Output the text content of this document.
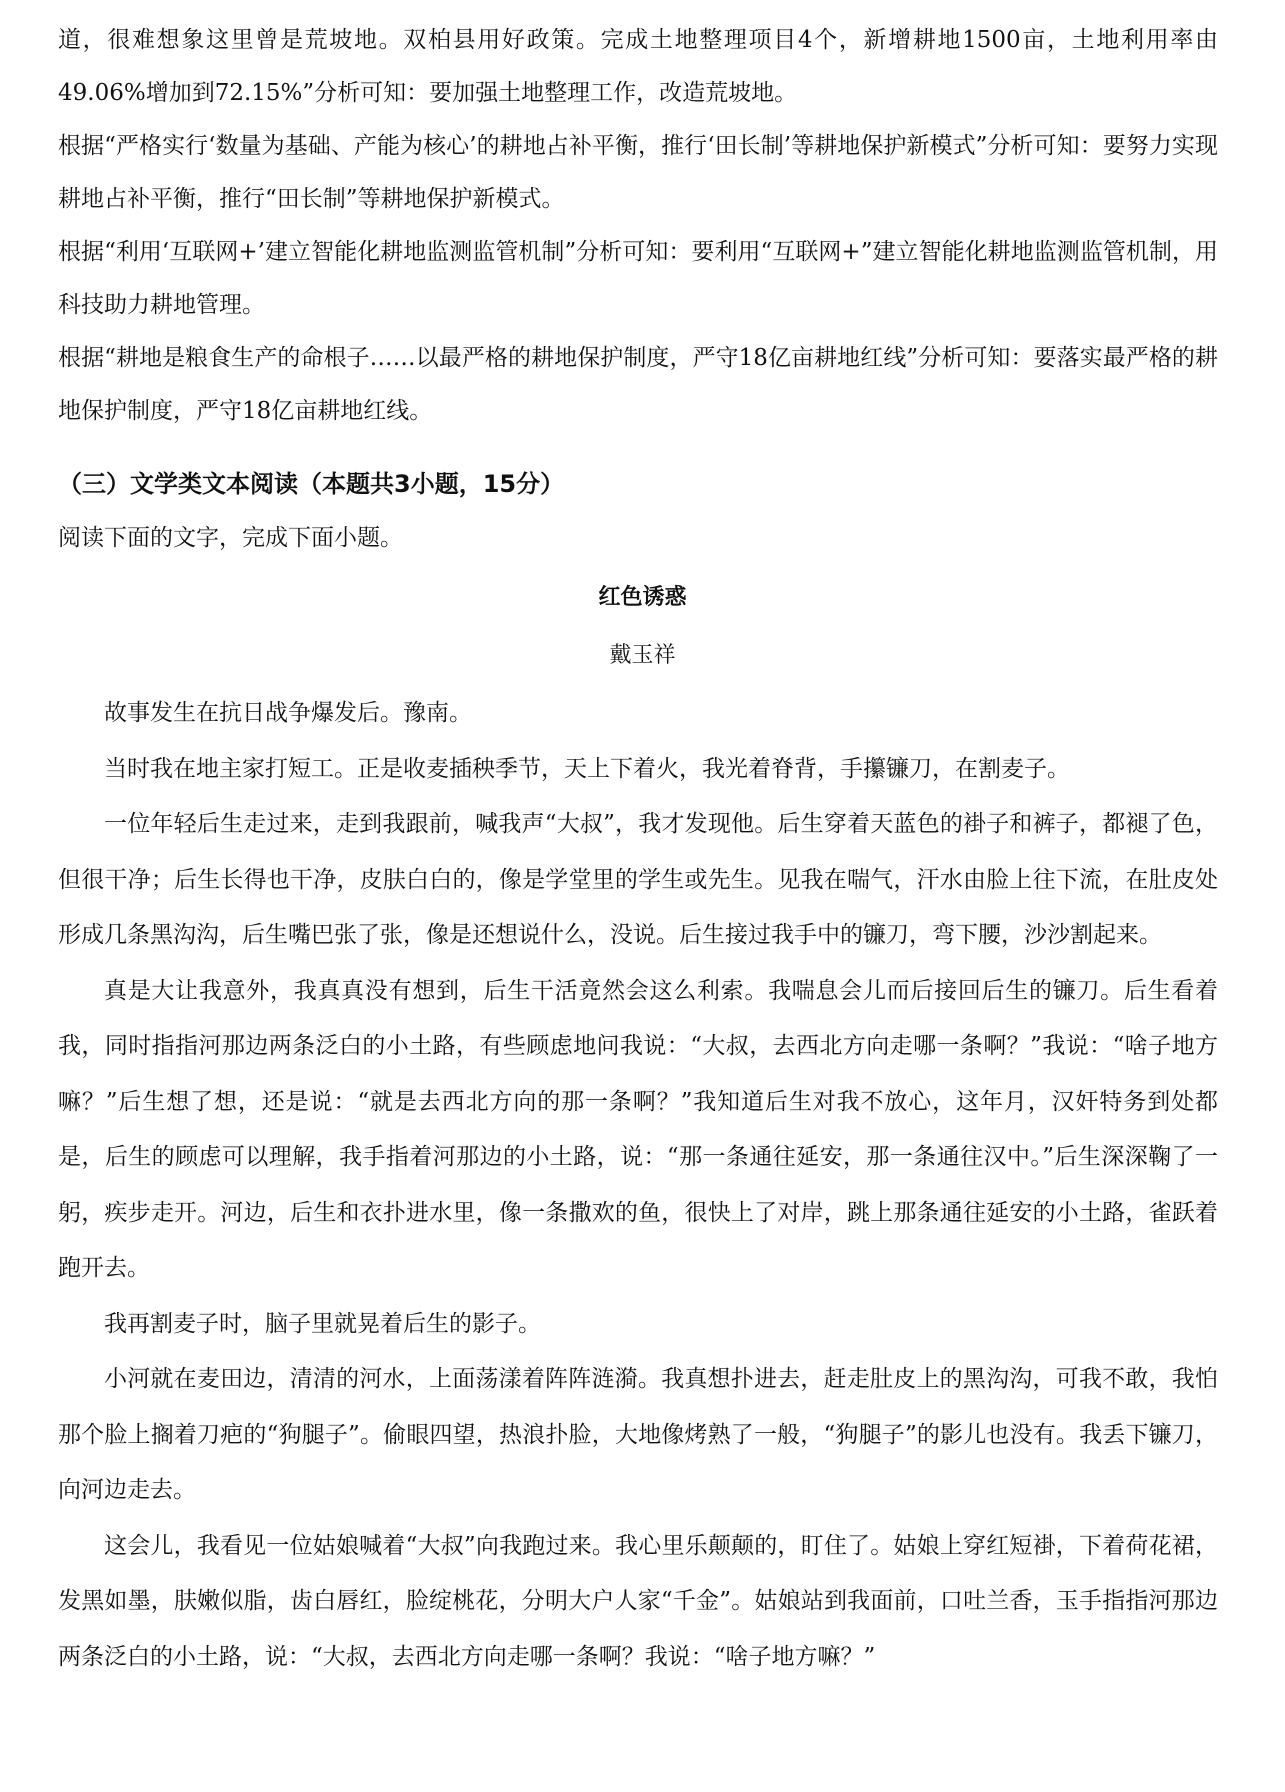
道，很难想象这里曾是荒坡地。双柏县用好政策。完成土地整理项目4个，新增耕地1500亩，土地利用率由49.06%增加到72.15%”分析可知：要加强土地整理工作，改造荒坡地。

根据“严格实行‘数量为基础、产能为核心’的耕地占补平衡，推行‘田长制’等耕地保护新模式”分析可知：要努力实现耕地占补平衡，推行“田长制”等耕地保护新模式。

根据“利用‘互联网+’建立智能化耕地监测监管机制”分析可知：要利用“互联网+”建立智能化耕地监测监管机制，用科技助力耕地管理。

根据“耕地是粮食生产的命根子……以最严格的耕地保护制度，严守18亿亩耕地红线”分析可知：要落实最严格的耕地保护制度，严守18亿亩耕地红线。

（三）文学类文本阅读（本题共3小题，15分）

阅读下面的文字，完成下面小题。

红色诱惑

戴玉祥

故事发生在抗日战争爆发后。豫南。

当时我在地主家打短工。正是收麦插秧季节，天上下着火，我光着脊背，手攥镰刀，在割麦子。

一位年轻后生走过来，走到我跟前，喊我声“大叔”，我才发现他。后生穿着天蓝色的褂子和裤子，都褪了色，但很干净；后生长得也干净，皮肤白白的，像是学堂里的学生或先生。见我在喘气，汗水由脸上往下流，在肚皮处形成几条黑沟沟，后生嘴巴张了张，像是还想说什么，没说。后生接过我手中的镰刀，弯下腰，沙沙割起来。

真是大让我意外，我真真没有想到，后生干活竟然会这么利索。我喘息会儿而后接回后生的镰刀。后生看着我，同时指指河那边两条泛白的小土路，有些顾虑地问我说：“大叔，去西北方向走哪一条啊？”我说：“啥子地方嘛？”后生想了想，还是说：“就是去西北方向的那一条啊？”我知道后生对我不放心，这年月，汉奸特务到处都是，后生的顾虑可以理解，我手指着河那边的小土路，说：“那一条通往延安，那一条通往汉中。”后生深深鞠了一躬，疾步走开。河边，后生和衣扑进水里，像一条撒欢的鱼，很快上了对岸，跳上那条通往延安的小土路，雀跃着跑开去。

我再割麦子时，脑子里就晃着后生的影子。

小河就在麦田边，清清的河水，上面荡漾着阵阵涟漪。我真想扑进去，赶走肚皮上的黑沟沟，可我不敢，我怕那个脸上搁着刀疤的“狗腿子”。偷眼四望，热浪扑脸，大地像烤熟了一般，“狗腿子”的影儿也没有。我丢下镰刀，向河边走去。

这会儿，我看见一位姑娘喊着“大叔”向我跑过来。我心里乐颠颠的，盯住了。姑娘上穿红短褂，下着荷花裙，发黑如墨，肤嫩似脂，齿白唇红，脸绽桃花，分明大户人家“千金”。姑娘站到我面前，口吐兰香，玉手指指河那边两条泛白的小土路，说：“大叔，去西北方向走哪一条啊？我说：“啥子地方嘛？”
